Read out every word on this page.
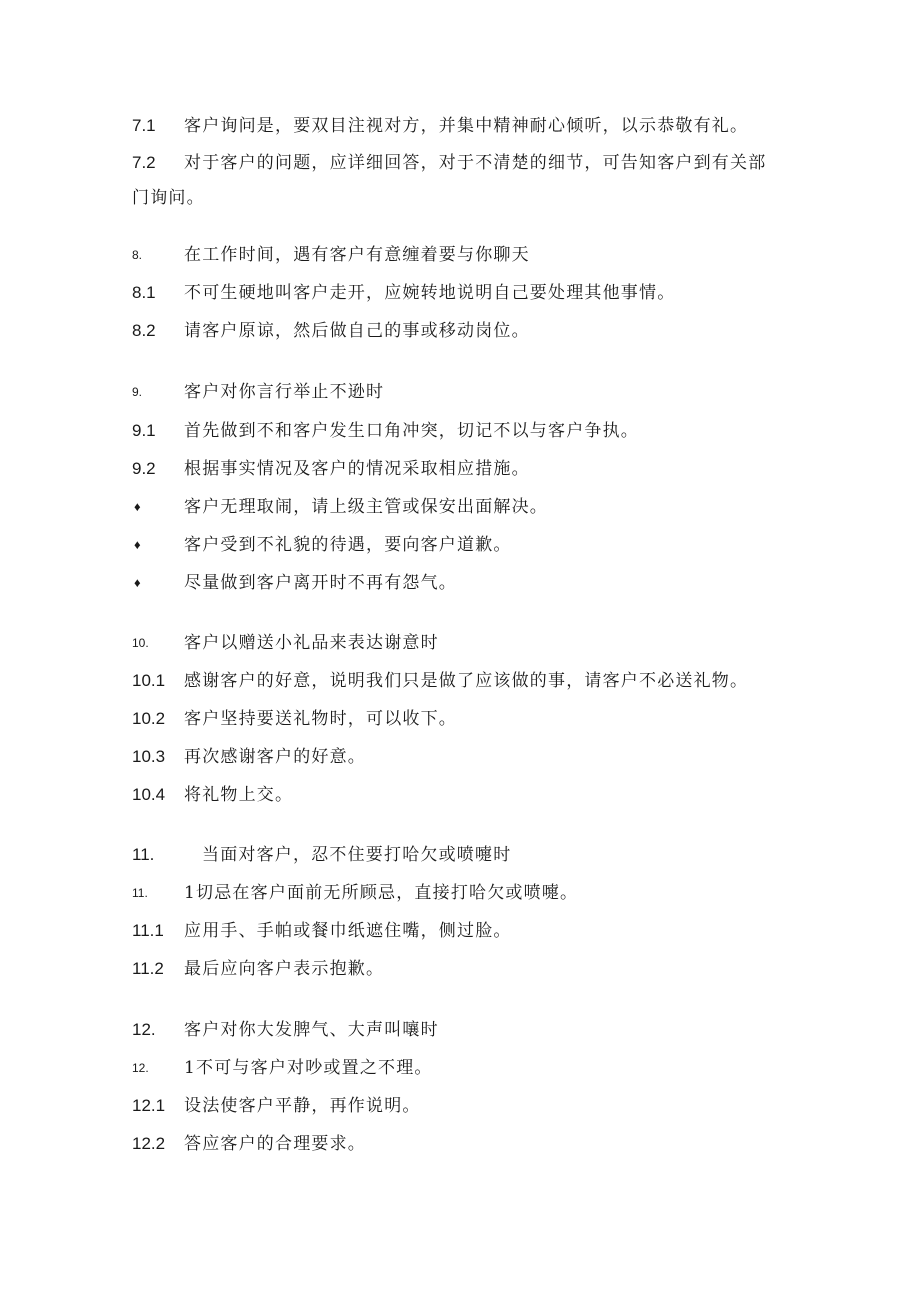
7.1 客户询问是，要双目注视对方，并集中精神耐心倾听，以示恭敬有礼。
7.2 对于客户的问题，应详细回答，对于不清楚的细节，可告知客户到有关部
门询问。
8. 在工作时间，遇有客户有意缠着要与你聊天
8.1 不可生硬地叫客户走开，应婉转地说明自己要处理其他事情。
8.2 请客户原谅，然后做自己的事或移动岗位。
9. 客户对你言行举止不逊时
9.1 首先做到不和客户发生口角冲突，切记不以与客户争执。
9.2 根据事实情况及客户的情况采取相应措施。
♦	客户无理取闹，请上级主管或保安出面解决。
♦	客户受到不礼貌的待遇，要向客户道歉。
♦	尽量做到客户离开时不再有怨气。
10. 客户以赠送小礼品来表达谢意时
10.1 感谢客户的好意，说明我们只是做了应该做的事，请客户不必送礼物。
10.2 客户坚持要送礼物时，可以收下。
10.3 再次感谢客户的好意。
10.4 将礼物上交。
11.	当面对客户，忍不住要打哈欠或喷嚏时
11. 1切忌在客户面前无所顾忌，直接打哈欠或喷嚏。
11.1 应用手、手帕或餐巾纸遮住嘴，侧过脸。
11.2 最后应向客户表示抱歉。
12. 客户对你大发脾气、大声叫嚷时
12. 1不可与客户对吵或置之不理。
12.1 设法使客户平静，再作说明。
12.2 答应客户的合理要求。
